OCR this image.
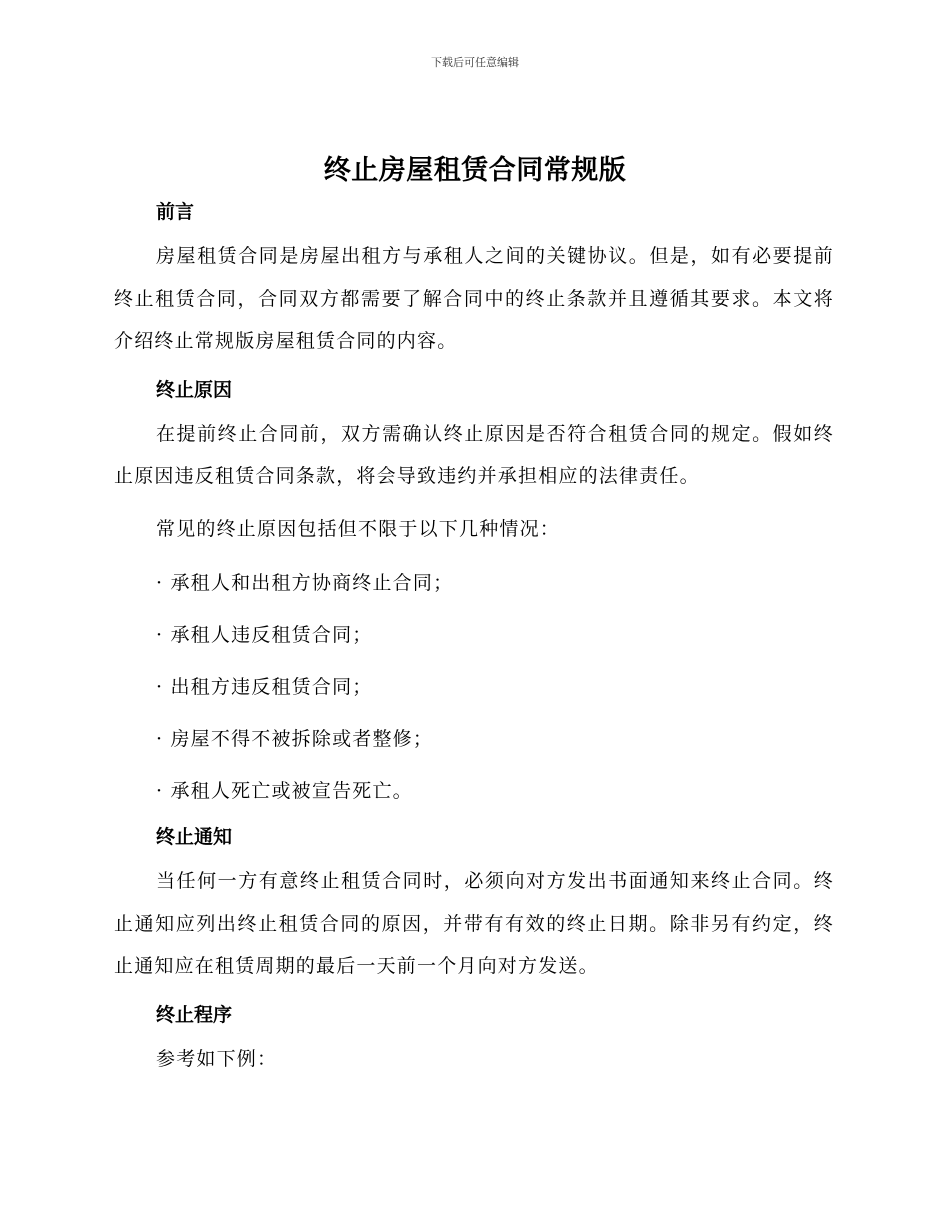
下载后可任意编辑
终止房屋租赁合同常规版
前言

房屋租赁合同是房屋出租方与承租人之间的关键协议。但是，如有必要提前终止租赁合同，合同双方都需要了解合同中的终止条款并且遵循其要求。本文将介绍终止常规版房屋租赁合同的内容。

终止原因

在提前终止合同前，双方需确认终止原因是否符合租赁合同的规定。假如终止原因违反租赁合同条款，将会导致违约并承担相应的法律责任。

常见的终止原因包括但不限于以下几种情况：

· 承租人和出租方协商终止合同；

· 承租人违反租赁合同；

· 出租方违反租赁合同；

· 房屋不得不被拆除或者整修；

· 承租人死亡或被宣告死亡。

终止通知

当任何一方有意终止租赁合同时，必须向对方发出书面通知来终止合同。终止通知应列出终止租赁合同的原因，并带有有效的终止日期。除非另有约定，终止通知应在租赁周期的最后一天前一个月向对方发送。

终止程序

参考如下例：
